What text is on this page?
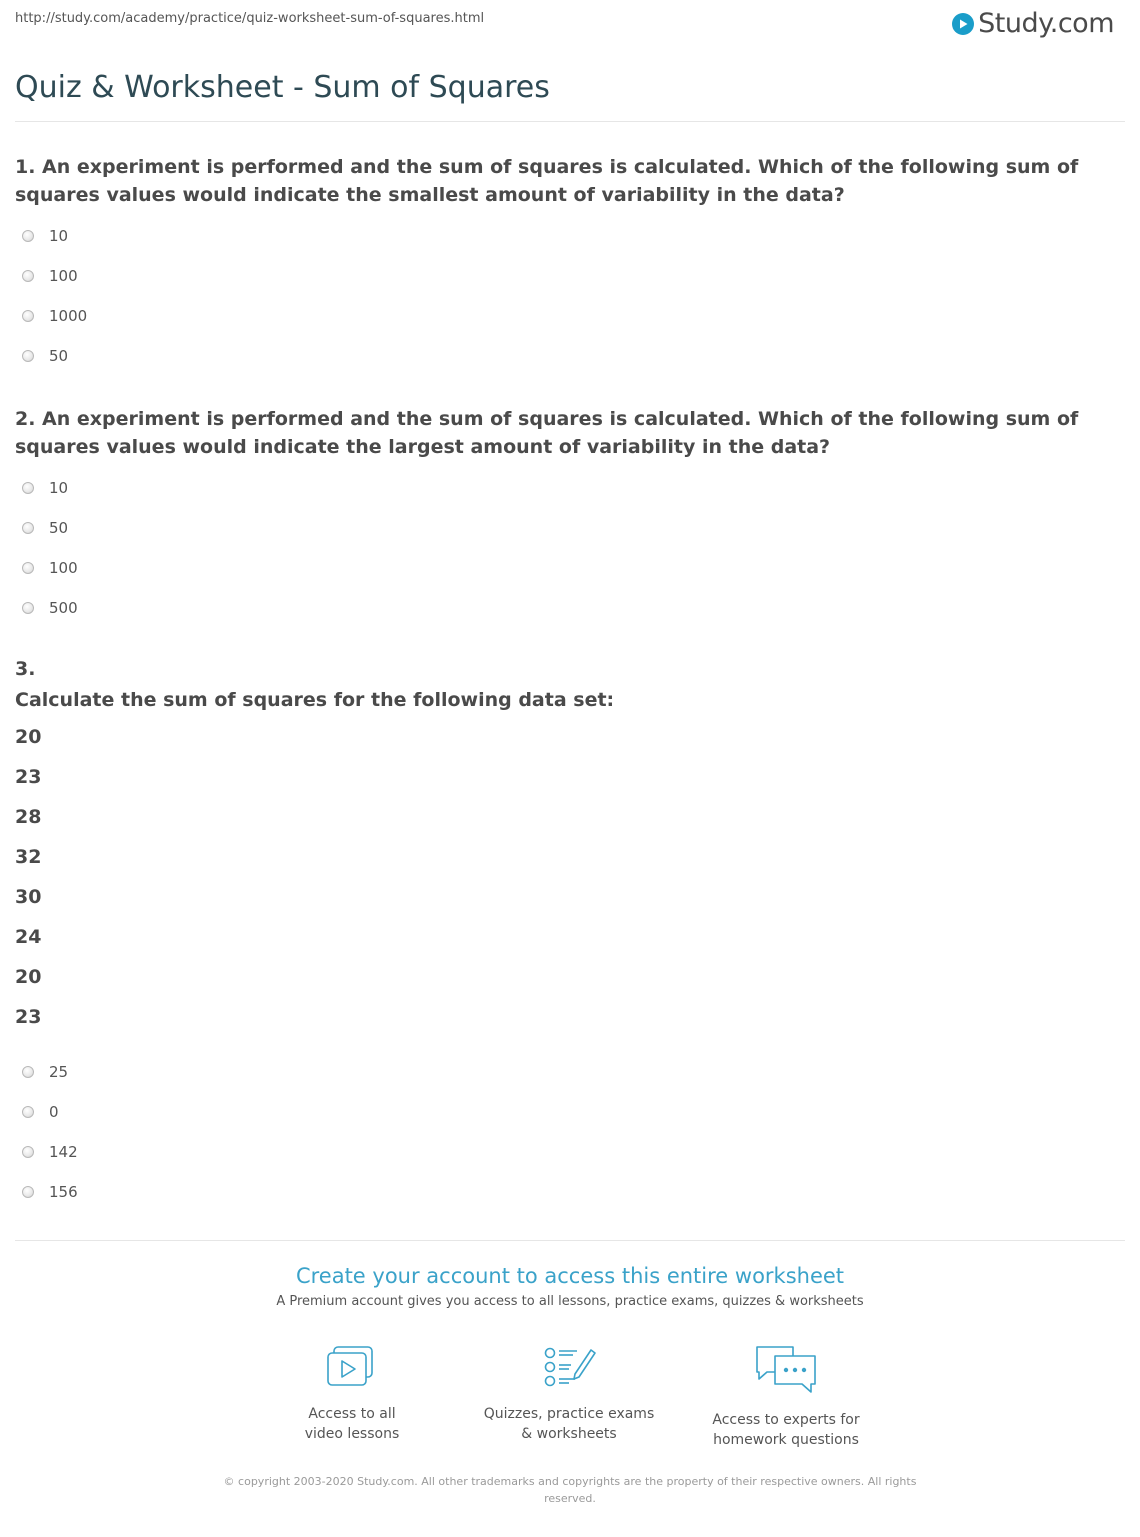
http://study.com/academy/practice/quiz-worksheet-sum-of-squares.html	Study.com
Quiz & Worksheet - Sum of Squares
1. An experiment is performed and the sum of squares is calculated. Which of the following sum of squares values would indicate the smallest amount of variability in the data?
10
100
1000
50
2. An experiment is performed and the sum of squares is calculated. Which of the following sum of squares values would indicate the largest amount of variability in the data?
10
50
100
500
3.
Calculate the sum of squares for the following data set:
20
23
28
32
30
24
20
23
25
0
142
156
Create your account to access this entire worksheet
A Premium account gives you access to all lessons, practice exams, quizzes & worksheets
Access to all
video lessons
Quizzes, practice exams
& worksheets
Access to experts for
homework questions
© copyright 2003-2020 Study.com. All other trademarks and copyrights are the property of their respective owners. All rights reserved.
